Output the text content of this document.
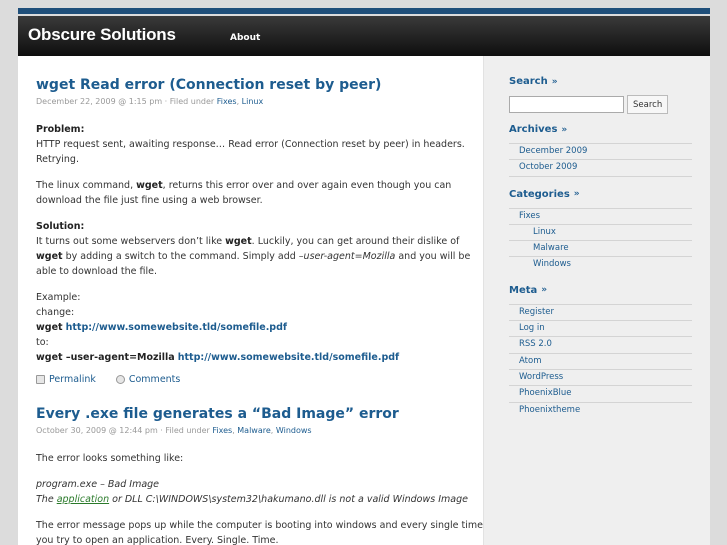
Obscure Solutions	About
wget Read error (Connection reset by peer)
December 22, 2009 @ 1:15 pm · Filed under Fixes, Linux

Problem:
HTTP request sent, awaiting response… Read error (Connection reset by peer) in headers. Retrying.

The linux command, wget, returns this error over and over again even though you can download the file just fine using a web browser.

Solution:
It turns out some webservers don’t like wget. Luckily, you can get around their dislike of wget by adding a switch to the command. Simply add –user-agent=Mozilla and you will be able to download the file.

Example:
change:
wget http://www.somewebsite.tld/somefile.pdf
to:
wget –user-agent=Mozilla http://www.somewebsite.tld/somefile.pdf

Permalink	Comments
Every .exe file generates a “Bad Image” error
October 30, 2009 @ 12:44 pm · Filed under Fixes, Malware, Windows

The error looks something like:

program.exe – Bad Image
The application or DLL C:\WINDOWS\system32\hakumano.dll is not a valid Windows Image

The error message pops up while the computer is booting into windows and every single time you try to open an application. Every. Single. Time.

Search »
Search
Archives »
December 2009
October 2009
Categories »
Fixes
Linux
Malware
Windows
Meta »
Register
Log in
RSS 2.0
Atom
WordPress
PhoenixBlue
Phoenixtheme
